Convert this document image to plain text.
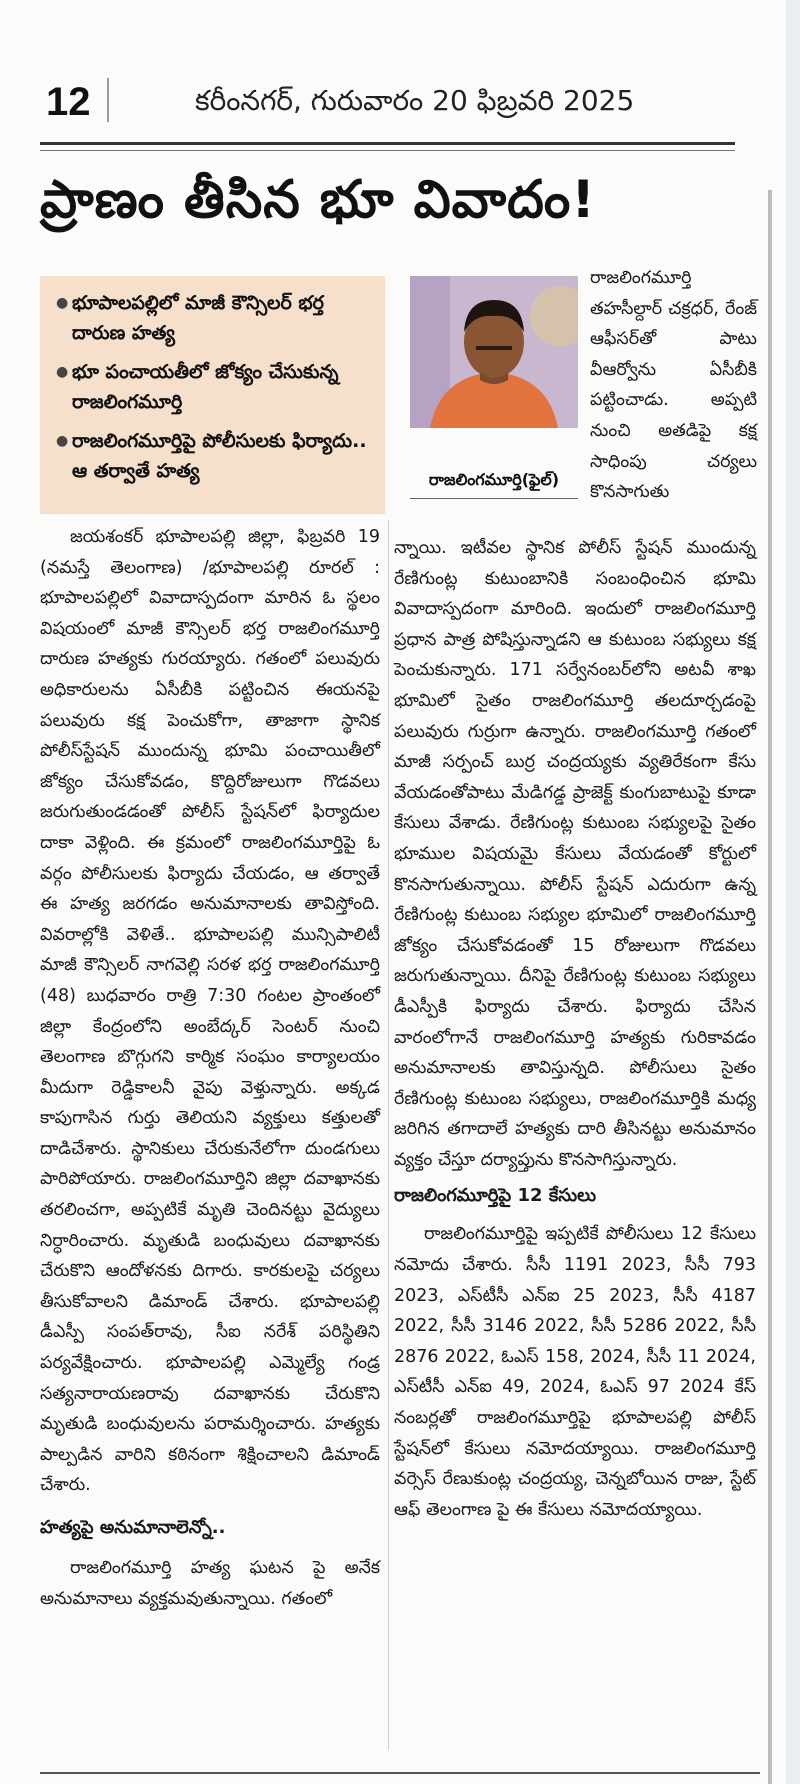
12	కరీంనగర్, గురువారం 20 ఫిబ్రవరి 2025
ప్రాణం తీసిన భూ వివాదం!
● భూపాలపల్లిలో మాజీ కౌన్సిలర్ భర్త దారుణ హత్య
● భూ పంచాయతీలో జోక్యం చేసుకున్న రాజలింగమూర్తి
● రాజలింగమూర్తిపై పోలీసులకు ఫిర్యాదు.. ఆ తర్వాతే హత్య	రాజలింగమూర్తి(ఫైల్)

రాజలింగమూర్తి తహసీల్దార్ చక్రధర్, రేంజ్ ఆఫీసర్‌తో పాటు వీఆర్వోను ఏసీబీకి పట్టించాడు. అప్పటి నుంచి అతడిపై కక్ష సాధింపు చర్యలు కొనసాగుతు

జయశంకర్ భూపాలపల్లి జిల్లా, ఫిబ్రవరి 19 (నమస్తే తెలంగాణ) /భూపాలపల్లి రూరల్ : భూపాలపల్లిలో వివాదాస్పదంగా మారిన ఓ స్థలం విషయంలో మాజీ కౌన్సిలర్ భర్త రాజలింగమూర్తి దారుణ హత్యకు గురయ్యారు. గతంలో పలువురు అధికారులను ఏసీబీకి పట్టించిన ఈయనపై పలువురు కక్ష పెంచుకోగా, తాజాగా స్థానిక పోలీస్‌స్టేషన్ ముందున్న భూమి పంచాయితీలో జోక్యం చేసుకోవడం, కొద్దిరోజులుగా గొడవలు జరుగుతుండడంతో పోలీస్ స్టేషన్‌లో ఫిర్యాదుల దాకా వెళ్లింది. ఈ క్రమంలో రాజలింగమూర్తిపై ఓ వర్గం పోలీసులకు ఫిర్యాదు చేయడం, ఆ తర్వాతే ఈ హత్య జరగడం అనుమానాలకు తావిస్తోంది. వివరాల్లోకి వెళితే.. భూపాలపల్లి మున్సిపాలిటీ మాజీ కౌన్సిలర్ నాగవెల్లి సరళ భర్త రాజలింగమూర్తి (48) బుధవారం రాత్రి 7:30 గంటల ప్రాంతంలో జిల్లా కేంద్రంలోని అంబేద్కర్ సెంటర్ నుంచి తెలంగాణ బొగ్గుగని కార్మిక సంఘం కార్యాలయం మీదుగా రెడ్డికాలనీ వైపు వెళ్తున్నారు. అక్కడ కాపుగాసిన గుర్తు తెలియని వ్యక్తులు కత్తులతో దాడిచేశారు. స్థానికులు చేరుకునేలోగా దుండగులు పారిపోయారు. రాజలింగమూర్తిని జిల్లా దవాఖానకు తరలించగా, అప్పటికే మృతి చెందినట్టు వైద్యులు నిర్ధారించారు. మృతుడి బంధువులు దవాఖానకు చేరుకొని ఆందోళనకు దిగారు. కారకులపై చర్యలు తీసుకోవాలని డిమాండ్ చేశారు. భూపాలపల్లి డీఎస్పీ సంపత్‌రావు, సీఐ నరేశ్ పరిస్థితిని పర్యవేక్షించారు. భూపాలపల్లి ఎమ్మెల్యే గండ్ర సత్యనారాయణరావు దవాఖానకు చేరుకొని మృతుడి బంధువులను పరామర్శించారు. హత్యకు పాల్పడిన వారిని కఠినంగా శిక్షించాలని డిమాండ్ చేశారు.

హత్యపై అనుమానాలెన్నో..

రాజలింగమూర్తి హత్య ఘటన పై అనేక అనుమానాలు వ్యక్తమవుతున్నాయి. గతంలో

న్నాయి. ఇటీవల స్థానిక పోలీస్ స్టేషన్ ముందున్న రేణిగుంట్ల కుటుంబానికి సంబంధించిన భూమి వివాదాస్పదంగా మారింది. ఇందులో రాజలింగమూర్తి ప్రధాన పాత్ర పోషిస్తున్నాడని ఆ కుటుంబ సభ్యులు కక్ష పెంచుకున్నారు. 171 సర్వేనంబర్‌లోని అటవీ శాఖ భూమిలో సైతం రాజలింగమూర్తి తలదూర్చడంపై పలువురు గుర్రుగా ఉన్నారు. రాజలింగమూర్తి గతంలో మాజీ సర్పంచ్ బుర్ర చంద్రయ్యకు వ్యతిరేకంగా కేసు వేయడంతోపాటు మేడిగడ్డ ప్రాజెక్ట్ కుంగుబాటుపై కూడా కేసులు వేశాడు. రేణిగుంట్ల కుటుంబ సభ్యులపై సైతం భూముల విషయమై కేసులు వేయడంతో కోర్టులో కొనసాగుతున్నాయి. పోలీస్ స్టేషన్ ఎదురుగా ఉన్న రేణిగుంట్ల కుటుంబ సభ్యుల భూమిలో రాజలింగమూర్తి జోక్యం చేసుకోవడంతో 15 రోజులుగా గొడవలు జరుగుతున్నాయి. దీనిపై రేణిగుంట్ల కుటుంబ సభ్యులు డీఎస్పీకి ఫిర్యాదు చేశారు. ఫిర్యాదు చేసిన వారంలోగానే రాజలింగమూర్తి హత్యకు గురికావడం అనుమానాలకు తావిస్తున్నది. పోలీసులు సైతం రేణిగుంట్ల కుటుంబ సభ్యులు, రాజలింగమూర్తికి మధ్య జరిగిన తగాదాలే హత్యకు దారి తీసినట్టు అనుమానం వ్యక్తం చేస్తూ దర్యాప్తును కొనసాగిస్తున్నారు.

రాజలింగమూర్తిపై 12 కేసులు

రాజలింగమూర్తిపై ఇప్పటికే పోలీసులు 12 కేసులు నమోదు చేశారు. సీసీ 1191 2023, సీసీ 793 2023, ఎస్‌టీసీ ఎన్ఐ 25 2023, సీసీ 4187 2022, సీసీ 3146 2022, సీసీ 5286 2022, సీసీ 2876 2022, ఓఎస్ 158, 2024, సీసీ 11 2024, ఎస్‌టీసీ ఎన్ఐ 49, 2024, ఓఎస్ 97 2024 కేస్ నంబర్లతో రాజలింగమూర్తిపై భూపాలపల్లి పోలీస్ స్టేషన్‌లో కేసులు నమోదయ్యాయి. రాజలింగమూర్తి వర్సెస్ రేణుకుంట్ల చంద్రయ్య, చెన్నబోయిన రాజు, స్టేట్ ఆఫ్ తెలంగాణ పై ఈ కేసులు నమోదయ్యాయి.
